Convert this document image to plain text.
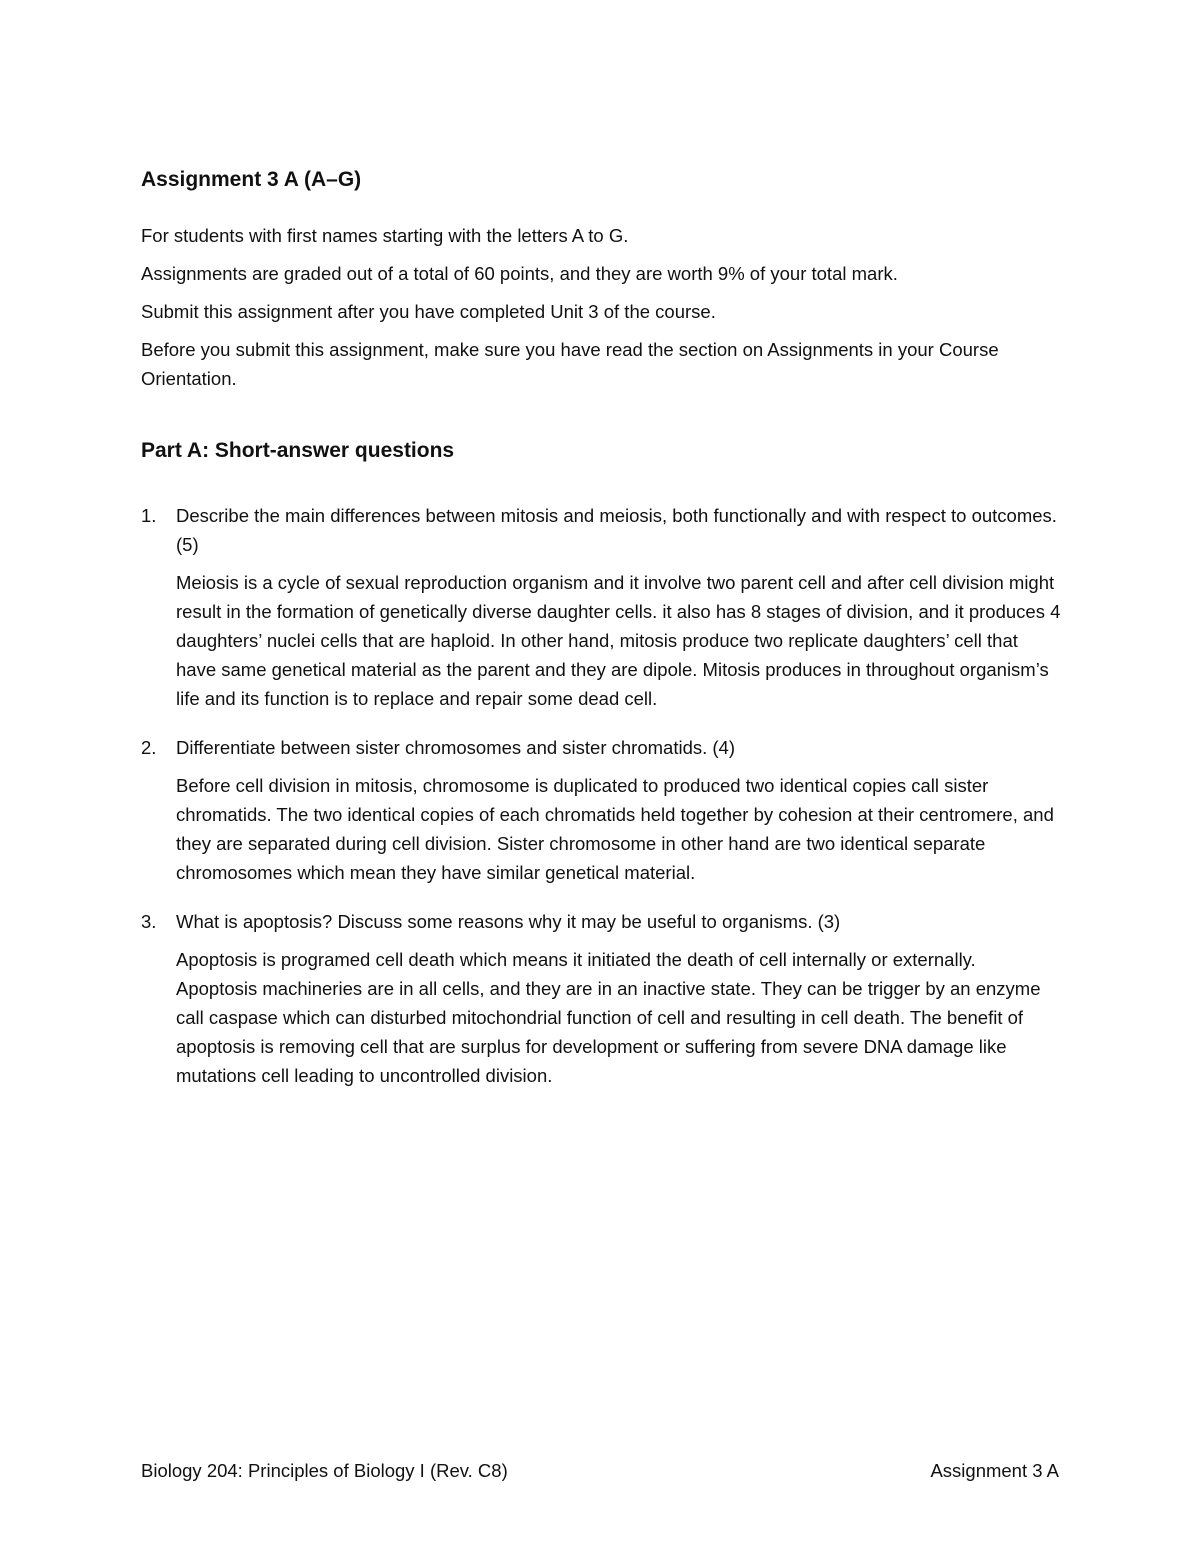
Assignment 3 A (A–G)

For students with first names starting with the letters A to G.

Assignments are graded out of a total of 60 points, and they are worth 9% of your total mark.

Submit this assignment after you have completed Unit 3 of the course.

Before you submit this assignment, make sure you have read the section on Assignments in your Course Orientation.

Part A: Short-answer questions
1.	Describe the main differences between mitosis and meiosis, both functionally and with respect to outcomes. (5)

Meiosis is a cycle of sexual reproduction organism and it involve two parent cell and after cell division might result in the formation of genetically diverse daughter cells. it also has 8 stages of division, and it produces 4 daughters’ nuclei cells that are haploid. In other hand, mitosis produce two replicate daughters’ cell that have same genetical material as the parent and they are dipole. Mitosis produces in throughout organism’s life and its function is to replace and repair some dead cell.

2.	Differentiate between sister chromosomes and sister chromatids. (4)

Before cell division in mitosis, chromosome is duplicated to produced two identical copies call sister chromatids. The two identical copies of each chromatids held together by cohesion at their centromere, and they are separated during cell division. Sister chromosome in other hand are two identical separate chromosomes which mean they have similar genetical material.

3.	What is apoptosis? Discuss some reasons why it may be useful to organisms. (3)

Apoptosis is programed cell death which means it initiated the death of cell internally or externally. Apoptosis machineries are in all cells, and they are in an inactive state. They can be trigger by an enzyme call caspase which can disturbed mitochondrial function of cell and resulting in cell death. The benefit of apoptosis is removing cell that are surplus for development or suffering from severe DNA damage like mutations cell leading to uncontrolled division.

Biology 204: Principles of Biology I (Rev. C8)	Assignment 3 A
